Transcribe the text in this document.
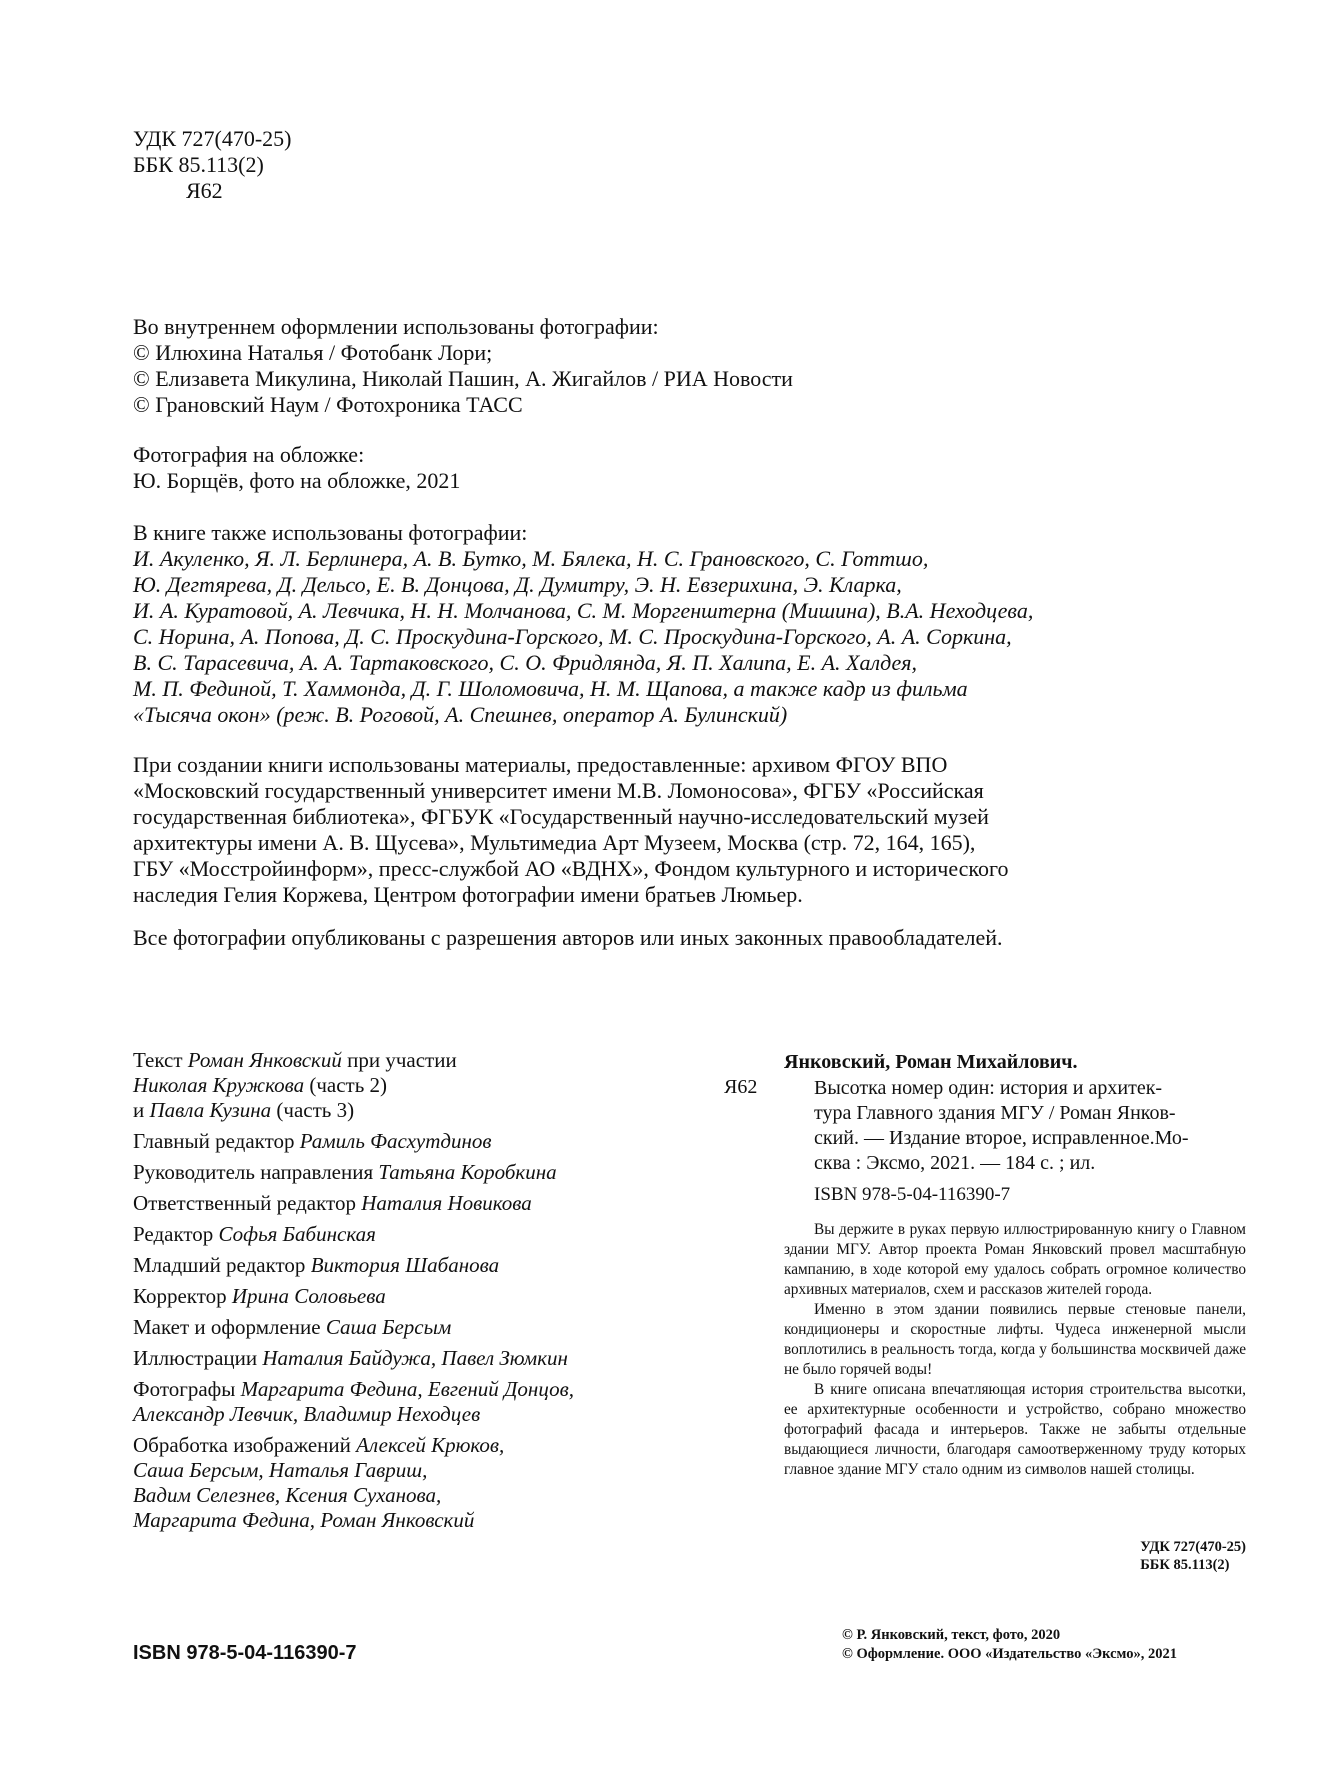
УДК 727(470-25)
ББК 85.113(2)
Я62
Во внутреннем оформлении использованы фотографии:
© Илюхина Наталья / Фотобанк Лори;
© Елизавета Микулина, Николай Пашин, А. Жигайлов / РИА Новости
© Грановский Наум / Фотохроника ТАСС
Фотография на обложке:
Ю. Борщёв, фото на обложке, 2021
В книге также использованы фотографии:
И. Акуленко, Я. Л. Берлинера, А. В. Бутко, М. Бялека, Н. С. Грановского, С. Готтшо,
Ю. Дегтярева, Д. Дельсо, Е. В. Донцова, Д. Думитру, Э. Н. Евзерихина, Э. Кларка,
И. А. Куратовой, А. Левчика, Н. Н. Молчанова, С. М. Моргенштерна (Мишина), В.А. Неходцева,
С. Норина, А. Попова, Д. С. Проскудина-Горского, М. С. Проскудина-Горского, А. А. Соркина,
В. С. Тарасевича, А. А. Тартаковского, С. О. Фридлянда, Я. П. Халипа, Е. А. Халдея,
М. П. Фединой, Т. Хаммонда, Д. Г. Шоломовича, Н. М. Щапова, а также кадр из фильма
«Тысяча окон» (реж. В. Роговой, А. Спешнев, оператор А. Булинский)
При создании книги использованы материалы, предоставленные: архивом ФГОУ ВПО
«Московский государственный университет имени М.В. Ломоносова», ФГБУ «Российская
государственная библиотека», ФГБУК «Государственный научно-исследовательский музей
архитектуры имени А. В. Щусева», Мультимедиа Арт Музеем, Москва (стр. 72, 164, 165),
ГБУ «Мосстройинформ», пресс-службой АО «ВДНХ», Фондом культурного и исторического
наследия Гелия Коржева, Центром фотографии имени братьев Люмьер.
Все фотографии опубликованы с разрешения авторов или иных законных правообладателей.
Текст Роман Янковский при участии
Николая Кружкова (часть 2)
и Павла Кузина (часть 3)
Главный редактор Рамиль Фасхутдинов
Руководитель направления Татьяна Коробкина
Ответственный редактор Наталия Новикова
Редактор Софья Бабинская
Младший редактор Виктория Шабанова
Корректор Ирина Соловьева
Макет и оформление Саша Берсым
Иллюстрации Наталия Байдужа, Павел Зюмкин
Фотографы Маргарита Федина, Евгений Донцов,
Александр Левчик, Владимир Неходцев
Обработка изображений Алексей Крюков,
Саша Берсым, Наталья Гавриш,
Вадим Селезнев, Ксения Суханова,
Маргарита Федина, Роман Янковский
ISBN 978-5-04-116390-7
Я62
Янковский, Роман Михайлович.
Высотка номер один: история и архитек-
тура Главного здания МГУ / Роман Янков-
ский. — Издание второе, исправленное.Мо-
сква : Эксмо, 2021. — 184 с. ; ил.
ISBN 978-5-04-116390-7

Вы держите в руках первую иллюстрированную книгу о Главном здании МГУ. Автор проекта Роман Янковский провел масштабную кампанию, в ходе которой ему удалось собрать огромное количество архивных материалов, схем и рассказов жителей города.

Именно в этом здании появились первые стеновые панели, кондиционеры и скоростные лифты. Чудеса инженерной мысли воплотились в реальность тогда, когда у большинства москвичей даже не было горячей воды!

В книге описана впечатляющая история строительства высотки, ее архитектурные особенности и устройство, собрано множество фотографий фасада и интерьеров. Также не забыты отдельные выдающиеся личности, благодаря самоотверженному труду которых главное здание МГУ стало одним из символов нашей столицы.

УДК 727(470-25)
ББК 85.113(2)
© Р. Янковский, текст, фото, 2020
© Оформление. ООО «Издательство «Эксмо», 2021
